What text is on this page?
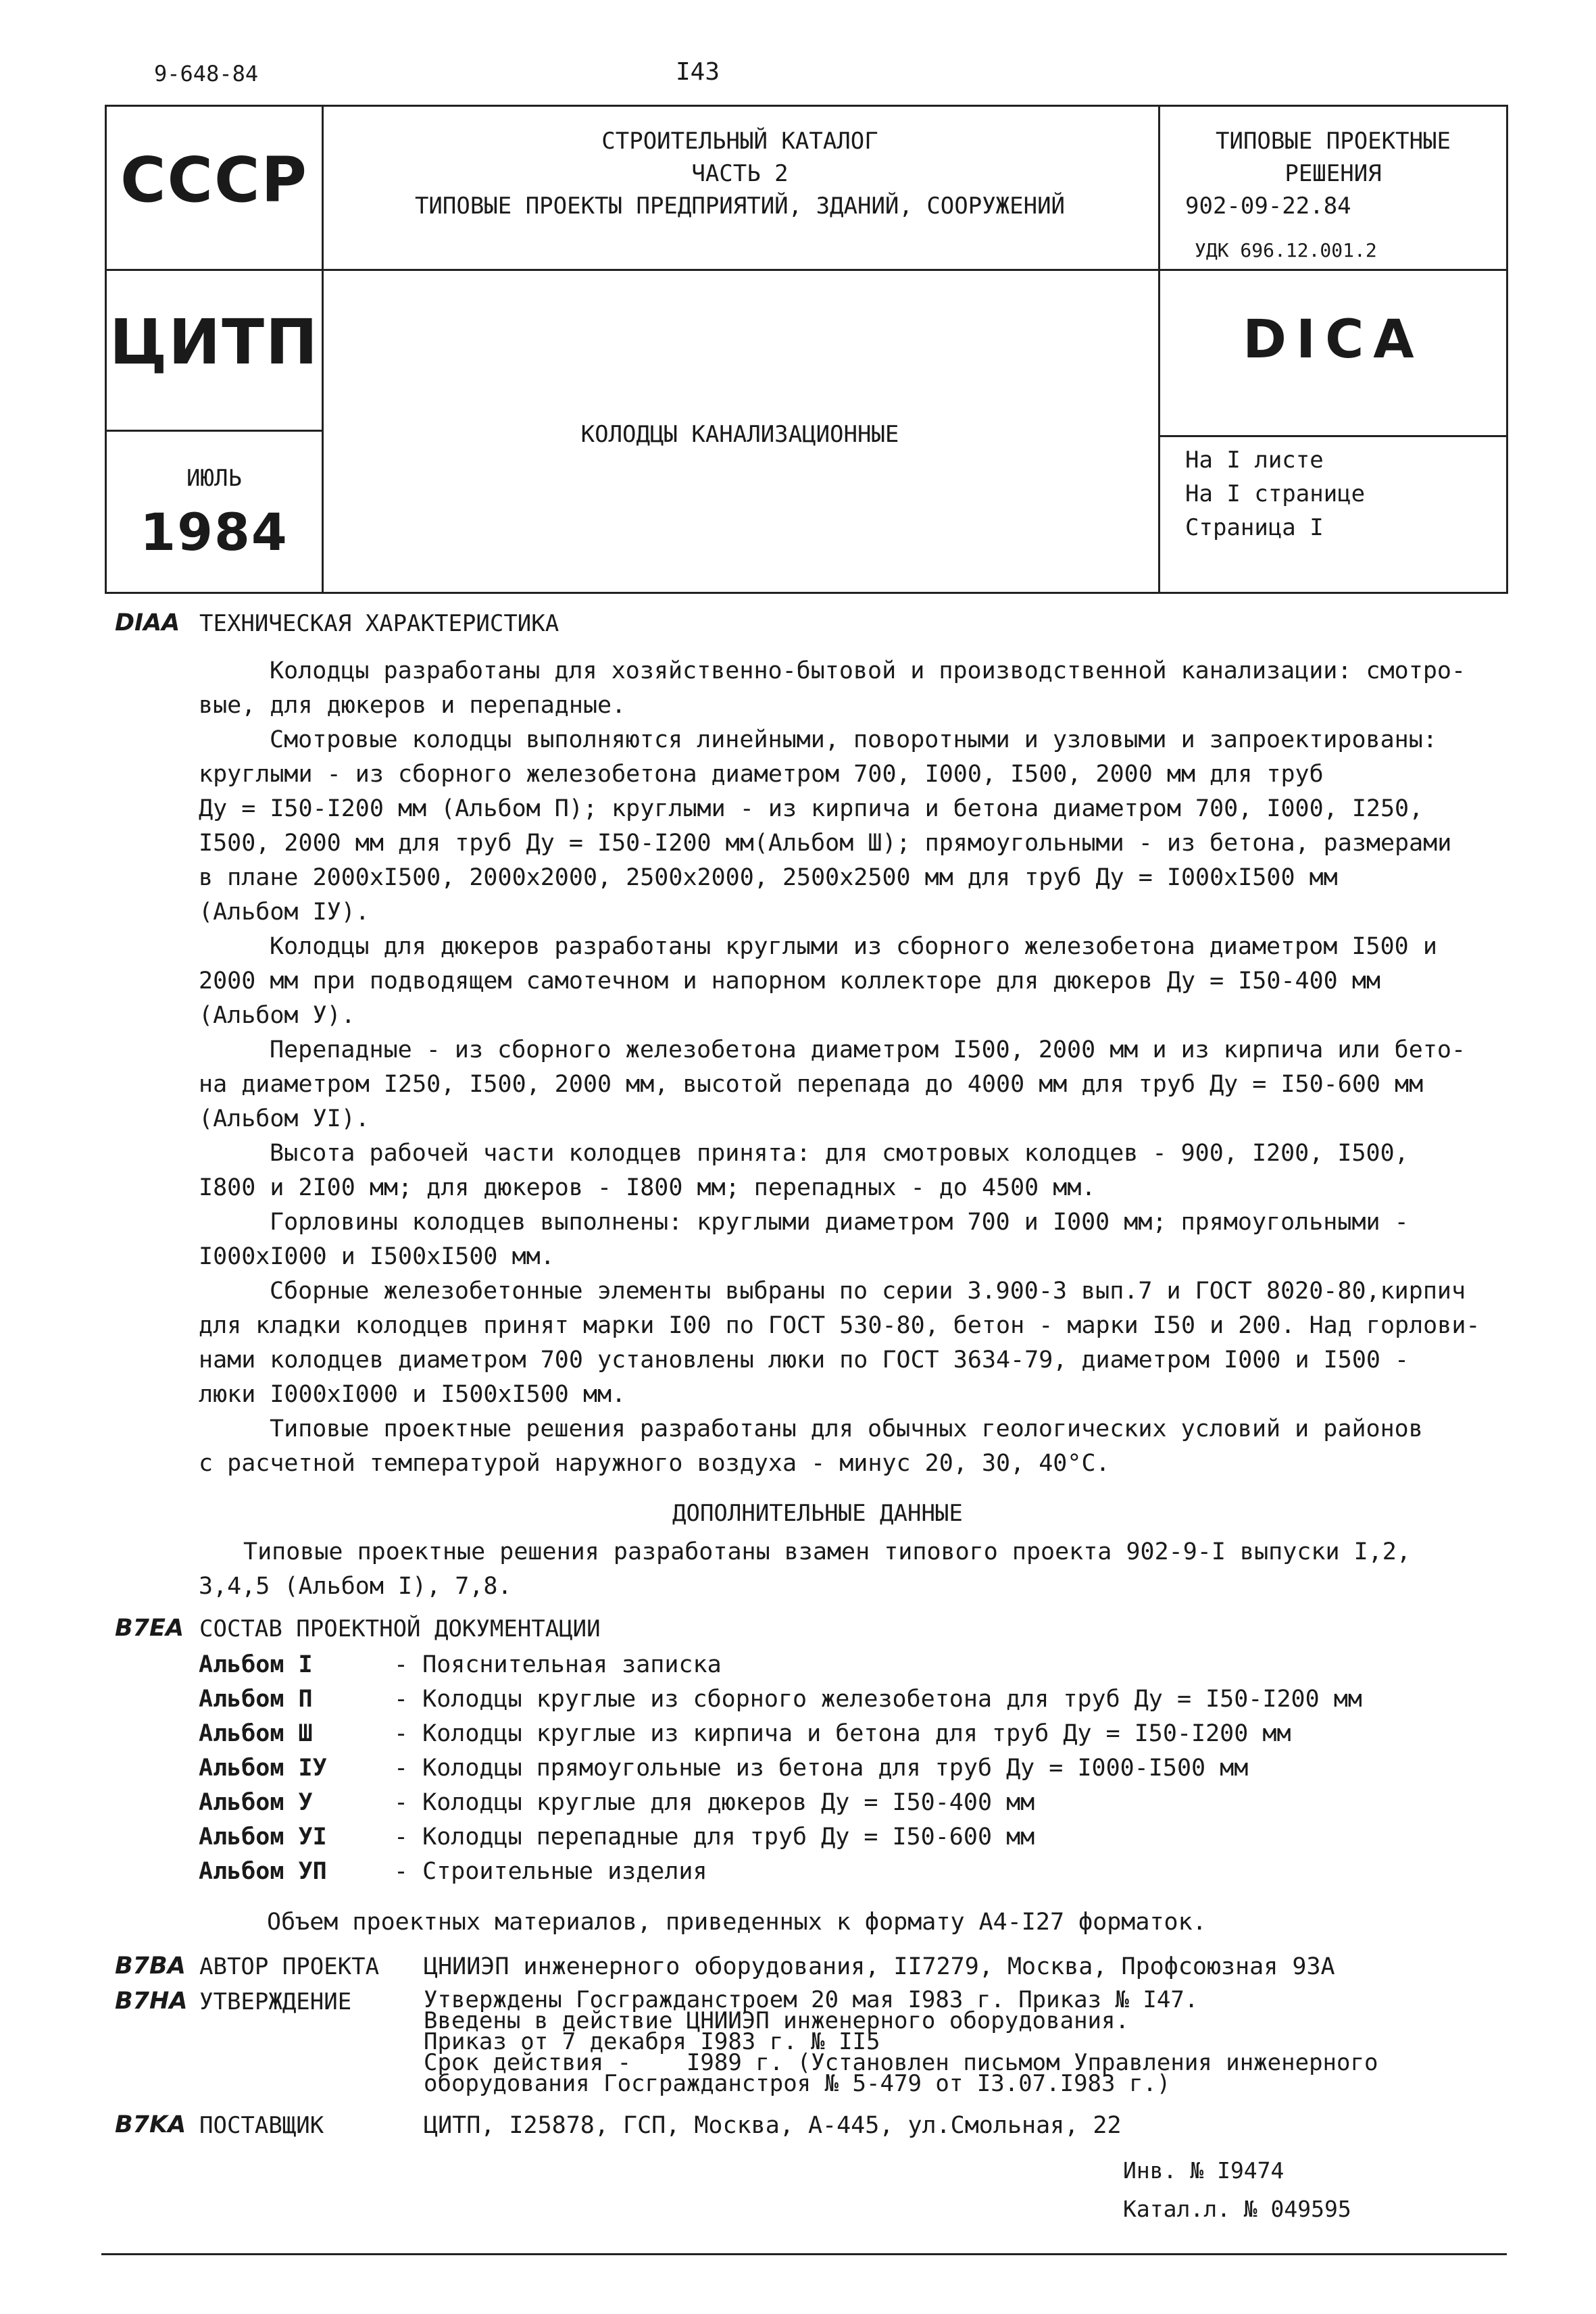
9-648-84	I43
СССР
ЦИТП
ИЮЛЬ
1984
СТРОИТЕЛЬНЫЙ КАТАЛОГ
ЧАСТЬ 2
ТИПОВЫЕ ПРОЕКТЫ ПРЕДПРИЯТИЙ, ЗДАНИЙ, СООРУЖЕНИЙ
КОЛОДЦЫ КАНАЛИЗАЦИОННЫЕ
ТИПОВЫЕ ПРОЕКТНЫЕ
РЕШЕНИЯ
902-09-22.84
УДК 696.12.001.2
DICA
На I листе
На I странице
Страница I
DIAA ТЕХНИЧЕСКАЯ ХАРАКТЕРИСТИКА
Колодцы разработаны для хозяйственно-бытовой и производственной канализации: смотро-
вые, для дюкеров и перепадные.
Смотровые колодцы выполняются линейными, поворотными и узловыми и запроектированы:
круглыми - из сборного железобетона диаметром 700, I000, I500, 2000 мм для труб
Ду = I50-I200 мм (Альбом П); круглыми - из кирпича и бетона диаметром 700, I000, I250,
I500, 2000 мм для труб Ду = I50-I200 мм(Альбом Ш); прямоугольными - из бетона, размерами
в плане 2000xI500, 2000x2000, 2500x2000, 2500x2500 мм для труб Ду = I000xI500 мм
(Альбом IУ).
Колодцы для дюкеров разработаны круглыми из сборного железобетона диаметром I500 и
2000 мм при подводящем самотечном и напорном коллекторе для дюкеров Ду = I50-400 мм
(Альбом У).
Перепадные - из сборного железобетона диаметром I500, 2000 мм и из кирпича или бето-
на диаметром I250, I500, 2000 мм, высотой перепада до 4000 мм для труб Ду = I50-600 мм
(Альбом УI).
Высота рабочей части колодцев принята: для смотровых колодцев - 900, I200, I500,
I800 и 2I00 мм; для дюкеров - I800 мм; перепадных - до 4500 мм.
Горловины колодцев выполнены: круглыми диаметром 700 и I000 мм; прямоугольными -
I000xI000 и I500xI500 мм.
Сборные железобетонные элементы выбраны по серии 3.900-3 вып.7 и ГОСТ 8020-80,кирпич
для кладки колодцев принят марки I00 по ГОСТ 530-80, бетон - марки I50 и 200. Над горлови-
нами колодцев диаметром 700 установлены люки по ГОСТ 3634-79, диаметром I000 и I500 -
люки I000xI000 и I500xI500 мм.
Типовые проектные решения разработаны для обычных геологических условий и районов
с расчетной температурой наружного воздуха - минус 20, 30, 40°С.
ДОПОЛНИТЕЛЬНЫЕ ДАННЫЕ
Типовые проектные решения разработаны взамен типового проекта 902-9-I выпуски I,2,
3,4,5 (Альбом I), 7,8.
B7EA СОСТАВ ПРОЕКТНОЙ ДОКУМЕНТАЦИИ
Альбом I	- Пояснительная записка
Альбом П	- Колодцы круглые из сборного железобетона для труб Ду = I50-I200 мм
Альбом Ш	- Колодцы круглые из кирпича и бетона для труб Ду = I50-I200 мм
Альбом IУ	- Колодцы прямоугольные из бетона для труб Ду = I000-I500 мм
Альбом У	- Колодцы круглые для дюкеров Ду = I50-400 мм
Альбом УI	- Колодцы перепадные для труб Ду = I50-600 мм
Альбом УП	- Строительные изделия
Объем проектных материалов, приведенных к формату А4-I27 форматок.
B7BA АВТОР ПРОЕКТА ЦНИИЭП инженерного оборудования, II7279, Москва, Профсоюзная 93А
B7HA УТВЕРЖДЕНИЕ	Утверждены Госгражданстроем 20 мая I983 г. Приказ № I47.
Введены в действие ЦНИИЭП инженерного оборудования.
Приказ от 7 декабря I983 г. № II5
Срок действия -    I989 г. (Установлен письмом Управления инженерного
оборудования Госгражданстроя № 5-479 от I3.07.I983 г.)
B7KA ПОСТАВЩИК	ЦИТП, I25878, ГСП, Москва, А-445, ул.Смольная, 22
Инв. № I9474
Катал.л. № 049595
